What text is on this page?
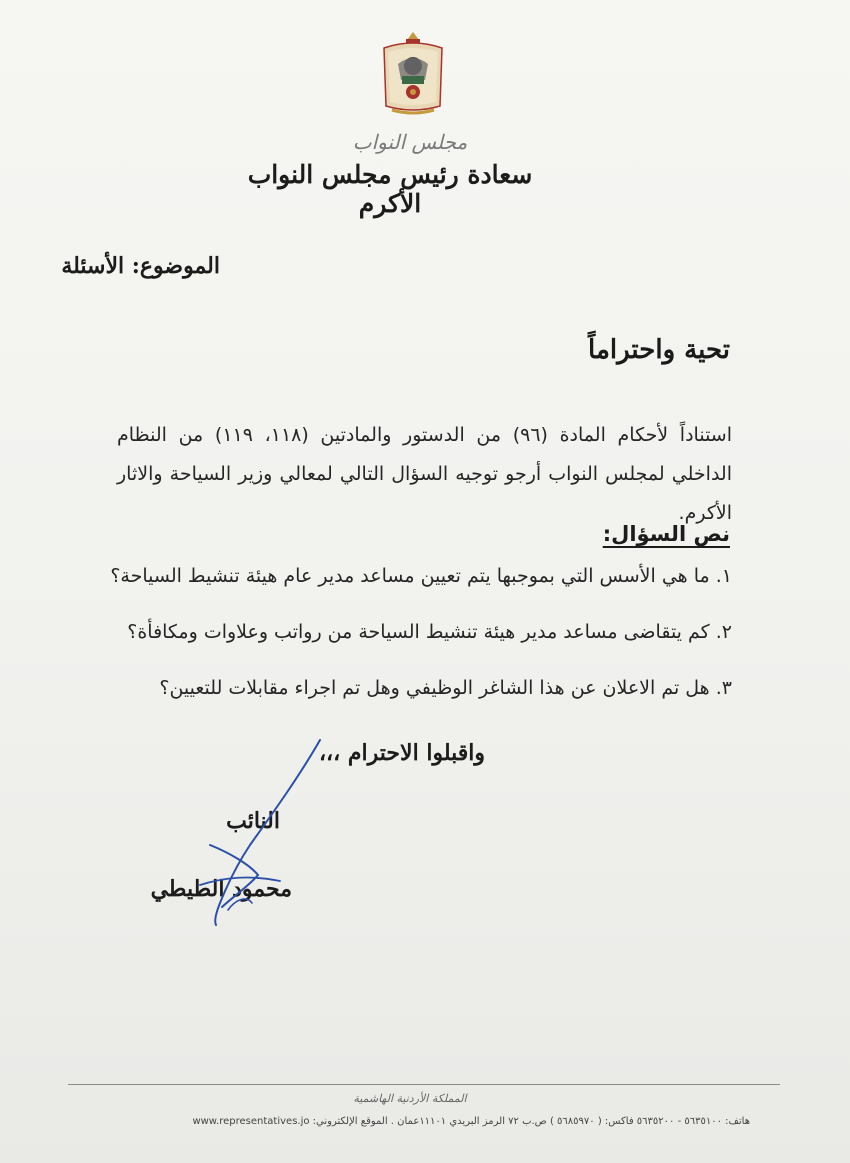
مجلس النواب
سعادة رئيس مجلس النواب الأكرم
الموضوع: الأسئلة
تحية واحتراماً
استناداً لأحكام المادة (٩٦) من الدستور والمادتين (١١٨، ١١٩) من النظام الداخلي لمجلس النواب أرجو توجيه السؤال التالي لمعالي وزير السياحة والاثار الأكرم.
نص السؤال:
١. ما هي الأسس التي بموجبها يتم تعيين مساعد مدير عام هيئة تنشيط السياحة؟
٢. كم يتقاضى مساعد مدير هيئة تنشيط السياحة من رواتب وعلاوات ومكافأة؟
٣. هل تم الاعلان عن هذا الشاغر الوظيفي وهل تم اجراء مقابلات للتعيين؟
واقبلوا الاحترام ،،،
النائب
محمود الطيطي
المملكة الأردنية الهاشمية
هاتف: ٥٦٣٥١٠٠ - ٥٦٣٥٢٠٠ فاكس: ( ٥٦٨٥٩٧٠ ) ص.ب ٧٢ الرمز البريدي ١١١٠١عمان . الموقع الإلكتروني: www.representatives.jo
